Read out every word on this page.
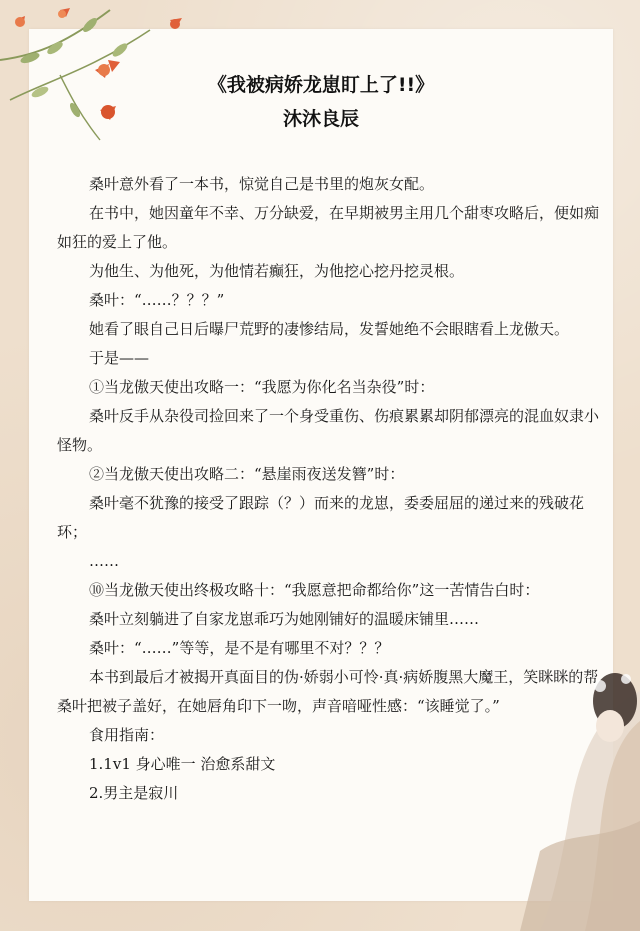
《我被病娇龙崽盯上了!!》
沐沐良辰

桑叶意外看了一本书，惊觉自己是书里的炮灰女配。

在书中，她因童年不幸、万分缺爱，在早期被男主用几个甜枣攻略后，便如痴如狂的爱上了他。

为他生、为他死，为他情若癫狂，为他挖心挖丹挖灵根。

桑叶：“……？？？”

她看了眼自己日后曝尸荒野的凄惨结局，发誓她绝不会眼瞎看上龙傲天。

于是——

①当龙傲天使出攻略一：“我愿为你化名当杂役”时：

桑叶反手从杂役司捡回来了一个身受重伤、伤痕累累却阴郁漂亮的混血奴隶小怪物。

②当龙傲天使出攻略二：“悬崖雨夜送发簪”时：

桑叶毫不犹豫的接受了跟踪（？）而来的龙崽，委委屈屈的递过来的残破花环；

……

⑩当龙傲天使出终极攻略十：“我愿意把命都给你”这一苦情告白时：

桑叶立刻躺进了自家龙崽乖巧为她刚铺好的温暖床铺里……

桑叶：“……”等等，是不是有哪里不对？？？

本书到最后才被揭开真面目的伪·娇弱小可怜·真·病娇腹黑大魔王，笑眯眯的帮桑叶把被子盖好，在她唇角印下一吻，声音喑哑性感：“该睡觉了。”

食用指南：

1.1v1 身心唯一 治愈系甜文

2.男主是寂川
